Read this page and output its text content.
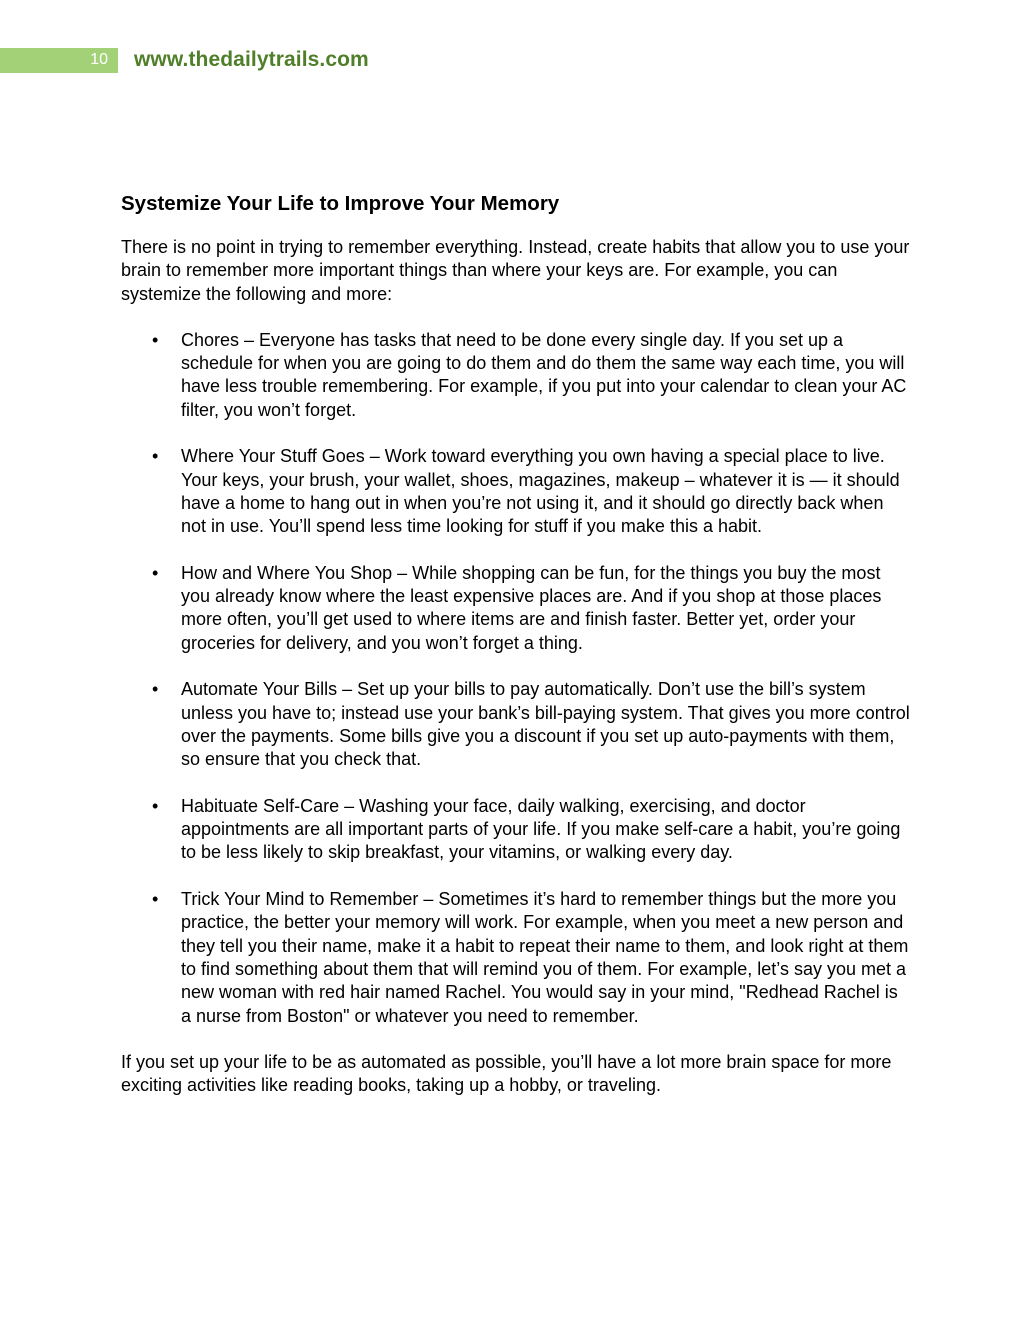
10 www.thedailytrails.com
Systemize Your Life to Improve Your Memory

There is no point in trying to remember everything. Instead, create habits that allow you to use your brain to remember more important things than where your keys are. For example, you can systemize the following and more:

• Chores – Everyone has tasks that need to be done every single day. If you set up a schedule for when you are going to do them and do them the same way each time, you will have less trouble remembering. For example, if you put into your calendar to clean your AC filter, you won’t forget.
• Where Your Stuff Goes – Work toward everything you own having a special place to live. Your keys, your brush, your wallet, shoes, magazines, makeup – whatever it is — it should have a home to hang out in when you’re not using it, and it should go directly back when not in use. You’ll spend less time looking for stuff if you make this a habit.
• How and Where You Shop – While shopping can be fun, for the things you buy the most you already know where the least expensive places are. And if you shop at those places more often, you’ll get used to where items are and finish faster. Better yet, order your groceries for delivery, and you won’t forget a thing.
• Automate Your Bills – Set up your bills to pay automatically. Don’t use the bill’s system unless you have to; instead use your bank’s bill-paying system. That gives you more control over the payments. Some bills give you a discount if you set up auto-payments with them, so ensure that you check that.
• Habituate Self-Care – Washing your face, daily walking, exercising, and doctor appointments are all important parts of your life. If you make self-care a habit, you’re going to be less likely to skip breakfast, your vitamins, or walking every day.
• Trick Your Mind to Remember – Sometimes it’s hard to remember things but the more you practice, the better your memory will work. For example, when you meet a new person and they tell you their name, make it a habit to repeat their name to them, and look right at them to find something about them that will remind you of them. For example, let’s say you met a new woman with red hair named Rachel. You would say in your mind, "Redhead Rachel is a nurse from Boston" or whatever you need to remember.

If you set up your life to be as automated as possible, you’ll have a lot more brain space for more exciting activities like reading books, taking up a hobby, or traveling.
